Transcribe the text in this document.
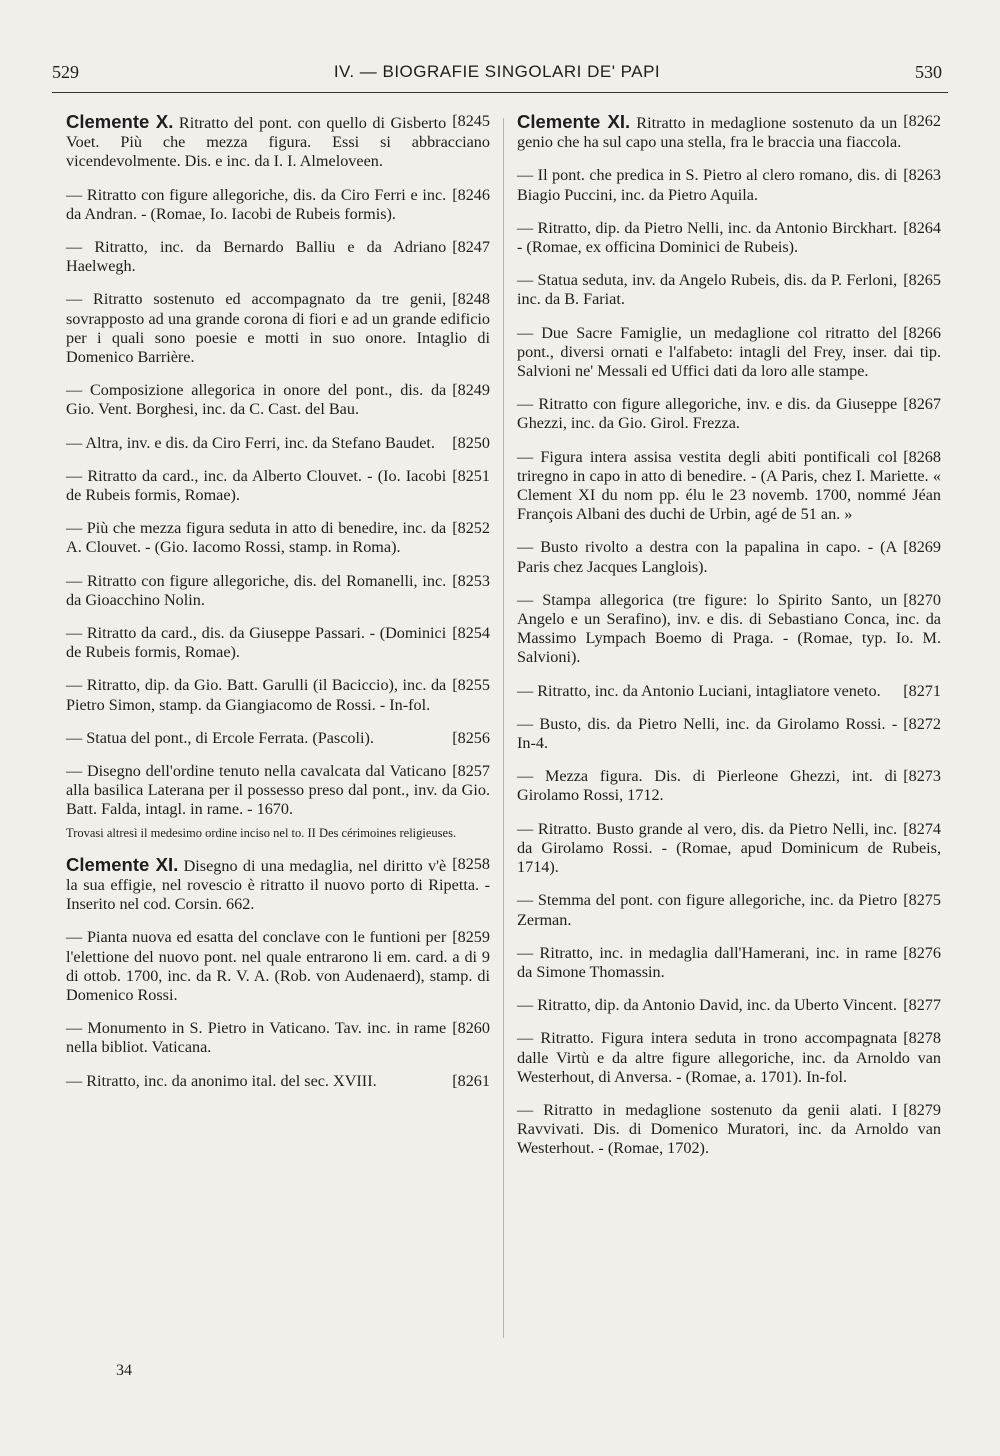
529	IV. — BIOGRAFIE SINGOLARI DE' PAPI	530
[8245
Clemente X. Ritratto del pont. con quello di Gisberto Voet. Più che mezza figura. Essi si abbracciano vicendevolmente. Dis. e inc. da I. I. Almeloveen.
[8246
— Ritratto con figure allegoriche, dis. da Ciro Ferri e inc. da Andran. - (Romae, Io. Iacobi de Rubeis formis).
[8247
— Ritratto, inc. da Bernardo Balliu e da Adriano Haelwegh.
[8248
— Ritratto sostenuto ed accompagnato da tre genii, sovrapposto ad una grande corona di fiori e ad un grande edificio per i quali sono poesie e motti in suo onore. Intaglio di Domenico Barrière.
[8249
— Composizione allegorica in onore del pont., dis. da Gio. Vent. Borghesi, inc. da C. Cast. del Bau.
[8250
— Altra, inv. e dis. da Ciro Ferri, inc. da Stefano Baudet.
[8251
— Ritratto da card., inc. da Alberto Clouvet. - (Io. Iacobi de Rubeis formis, Romae).
[8252
— Più che mezza figura seduta in atto di benedire, inc. da A. Clouvet. - (Gio. Iacomo Rossi, stamp. in Roma).
[8253
— Ritratto con figure allegoriche, dis. del Romanelli, inc. da Gioacchino Nolin.
[8254
— Ritratto da card., dis. da Giuseppe Passari. - (Dominici de Rubeis formis, Romae).
[8255
— Ritratto, dip. da Gio. Batt. Garulli (il Baciccio), inc. da Pietro Simon, stamp. da Giangiacomo de Rossi. - In-fol.
[8256
— Statua del pont., di Ercole Ferrata. (Pascoli).
[8257
— Disegno dell'ordine tenuto nella cavalcata dal Vaticano alla basilica Laterana per il possesso preso dal pont., inv. da Gio. Batt. Falda, intagl. in rame. - 1670.
Trovasi altresì il medesimo ordine inciso nel to. II Des cérimoines religieuses.
[8258
Clemente XI. Disegno di una medaglia, nel diritto v'è la sua effigie, nel rovescio è ritratto il nuovo porto di Ripetta. - Inserito nel cod. Corsin. 662.
[8259
— Pianta nuova ed esatta del conclave con le funtioni per l'elettione del nuovo pont. nel quale entrarono li em. card. a di 9 di ottob. 1700, inc. da R. V. A. (Rob. von Audenaerd), stamp. di Domenico Rossi.
[8260
— Monumento in S. Pietro in Vaticano. Tav. inc. in rame nella bibliot. Vaticana.
[8261
— Ritratto, inc. da anonimo ital. del sec. XVIII.
[8262
Clemente XI. Ritratto in medaglione sostenuto da un genio che ha sul capo una stella, fra le braccia una fiaccola.
[8263
— Il pont. che predica in S. Pietro al clero romano, dis. di Biagio Puccini, inc. da Pietro Aquila.
[8264
— Ritratto, dip. da Pietro Nelli, inc. da Antonio Birckhart. - (Romae, ex officina Dominici de Rubeis).
[8265
— Statua seduta, inv. da Angelo Rubeis, dis. da P. Ferloni, inc. da B. Fariat.
[8266
— Due Sacre Famiglie, un medaglione col ritratto del pont., diversi ornati e l'alfabeto: intagli del Frey, inser. dai tip. Salvioni ne' Messali ed Uffici dati da loro alle stampe.
[8267
— Ritratto con figure allegoriche, inv. e dis. da Giuseppe Ghezzi, inc. da Gio. Girol. Frezza.
[8268
— Figura intera assisa vestita degli abiti pontificali col triregno in capo in atto di benedire. - (A Paris, chez I. Mariette. « Clement XI du nom pp. élu le 23 novemb. 1700, nommé Jéan François Albani des duchi de Urbin, agé de 51 an. »
[8269
— Busto rivolto a destra con la papalina in capo. - (A Paris chez Jacques Langlois).
[8270
— Stampa allegorica (tre figure: lo Spirito Santo, un Angelo e un Serafino), inv. e dis. di Sebastiano Conca, inc. da Massimo Lympach Boemo di Praga. - (Romae, typ. Io. M. Salvioni).
[8271
— Ritratto, inc. da Antonio Luciani, intagliatore veneto.
[8272
— Busto, dis. da Pietro Nelli, inc. da Girolamo Rossi. - In-4.
[8273
— Mezza figura. Dis. di Pierleone Ghezzi, int. di Girolamo Rossi, 1712.
[8274
— Ritratto. Busto grande al vero, dis. da Pietro Nelli, inc. da Girolamo Rossi. - (Romae, apud Dominicum de Rubeis, 1714).
[8275
— Stemma del pont. con figure allegoriche, inc. da Pietro Zerman.
[8276
— Ritratto, inc. in medaglia dall'Hamerani, inc. in rame da Simone Thomassin.
[8277
— Ritratto, dip. da Antonio David, inc. da Uberto Vincent.
[8278
— Ritratto. Figura intera seduta in trono accompagnata dalle Virtù e da altre figure allegoriche, inc. da Arnoldo van Westerhout, di Anversa. - (Romae, a. 1701). In-fol.
[8279
— Ritratto in medaglione sostenuto da genii alati. I Ravvivati. Dis. di Domenico Muratori, inc. da Arnoldo van Westerhout. - (Romae, 1702).
34
